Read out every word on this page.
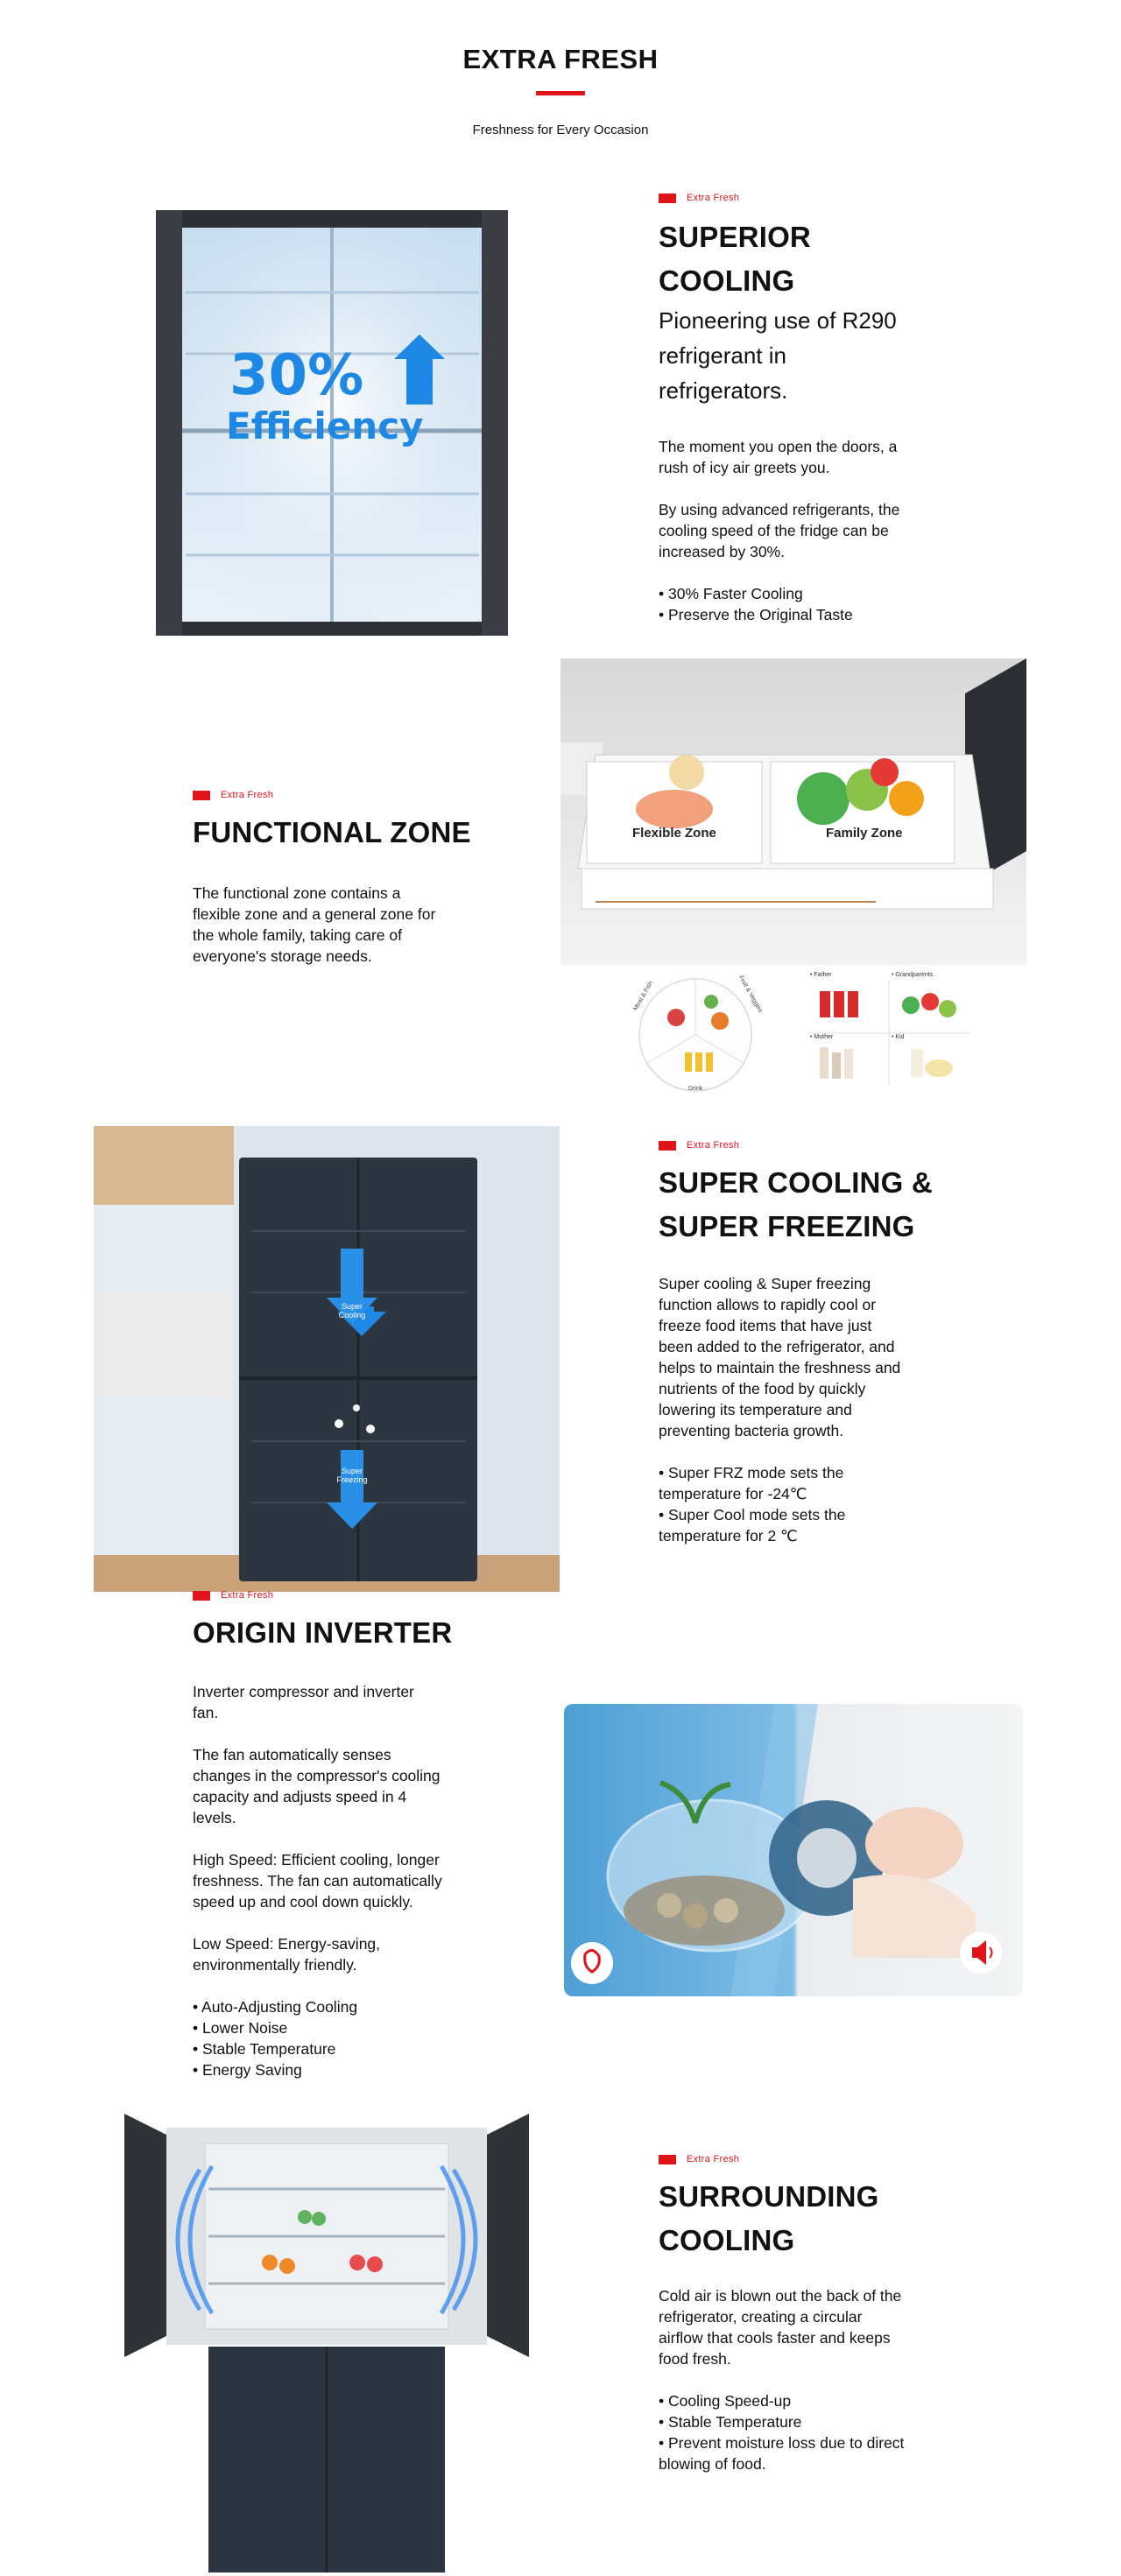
EXTRA FRESH
Freshness for Every Occasion
30%
Efficiency
Extra Fresh
SUPERIOR
COOLING
Pioneering use of R290
refrigerant in
refrigerators.
The moment you open the doors, a
rush of icy air greets you.
By using advanced refrigerants, the
cooling speed of the fridge can be
increased by 30%.
• 30% Faster Cooling
• Preserve the Original Taste
Extra Fresh
FUNCTIONAL ZONE
The functional zone contains a
flexible zone and a general zone for
the whole family, taking care of
everyone's storage needs.
Flexible Zone	Family Zone
Meat & Fish	Fruit & Veggies
Drink
• Father	• Grandparents
• Mother	• Kid
Super
Cooling
Super
Freezing
Extra Fresh
SUPER COOLING &
SUPER FREEZING
Super cooling & Super freezing
function allows to rapidly cool or
freeze food items that have just
been added to the refrigerator, and
helps to maintain the freshness and
nutrients of the food by quickly
lowering its temperature and
preventing bacteria growth.
• Super FRZ mode sets the
temperature for -24℃
• Super Cool mode sets the
temperature for 2 ℃
Extra Fresh
ORIGIN INVERTER
Inverter compressor and inverter
fan.
The fan automatically senses
changes in the compressor's cooling
capacity and adjusts speed in 4
levels.
High Speed: Efficient cooling, longer
freshness. The fan can automatically
speed up and cool down quickly.
Low Speed: Energy-saving,
environmentally friendly.
• Auto-Adjusting Cooling
• Lower Noise
• Stable Temperature
• Energy Saving
Extra Fresh
SURROUNDING
COOLING
Cold air is blown out the back of the
refrigerator, creating a circular
airflow that cools faster and keeps
food fresh.
• Cooling Speed-up
• Stable Temperature
• Prevent moisture loss due to direct
blowing of food.
